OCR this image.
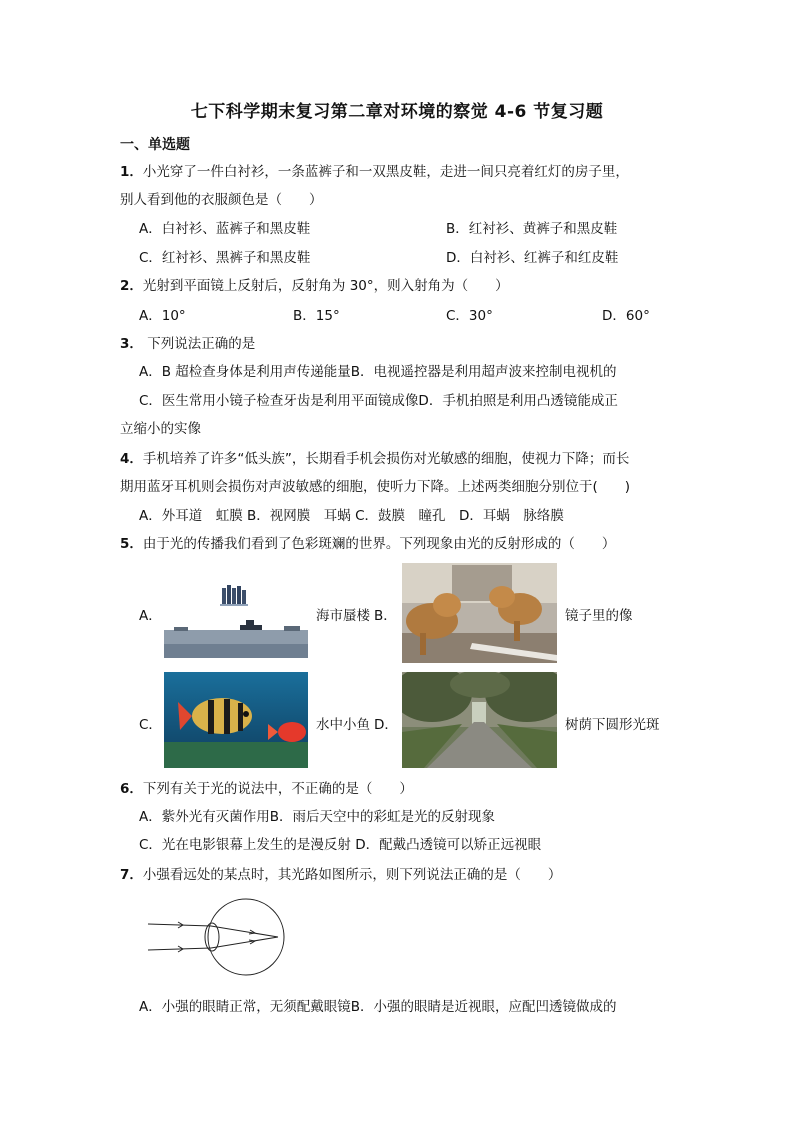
七下科学期末复习第二章对环境的察觉 4-6 节复习题
一、单选题
1．小光穿了一件白衬衫，一条蓝裤子和一双黑皮鞋，走进一间只亮着红灯的房子里，
别人看到他的衣服颜色是（　　）
A．白衬衫、蓝裤子和黑皮鞋	B．红衬衫、黄裤子和黑皮鞋
C．红衬衫、黑裤子和黑皮鞋	D．白衬衫、红裤子和红皮鞋
2．光射到平面镜上反射后，反射角为 30°，则入射角为（　　）
A．10°	B．15°	C．30°	D．60°
3． 下列说法正确的是
A．B 超检查身体是利用声传递能量B．电视遥控器是利用超声波来控制电视机的
C．医生常用小镜子检查牙齿是利用平面镜成像D．手机拍照是利用凸透镜能成正
立缩小的实像
4．手机培养了许多“低头族”，长期看手机会损伤对光敏感的细胞，使视力下降；而长
期用蓝牙耳机则会损伤对声波敏感的细胞，使听力下降。上述两类细胞分别位于(　　)
A．外耳道　虹膜 B．视网膜　耳蜗 C．鼓膜　瞳孔　D．耳蜗　脉络膜
5．由于光的传播我们看到了色彩斑斓的世界。下列现象由光的反射形成的（　　）
A．	海市蜃楼 B．	镜子里的像
C．	水中小鱼 D．	树荫下圆形光斑
6．下列有关于光的说法中，不正确的是（　　）
A．紫外光有灭菌作用B．雨后天空中的彩虹是光的反射现象
C．光在电影银幕上发生的是漫反射 D．配戴凸透镜可以矫正远视眼
7．小强看远处的某点时，其光路如图所示，则下列说法正确的是（　　）
A．小强的眼睛正常，无须配戴眼镜B．小强的眼睛是近视眼，应配凹透镜做成的
